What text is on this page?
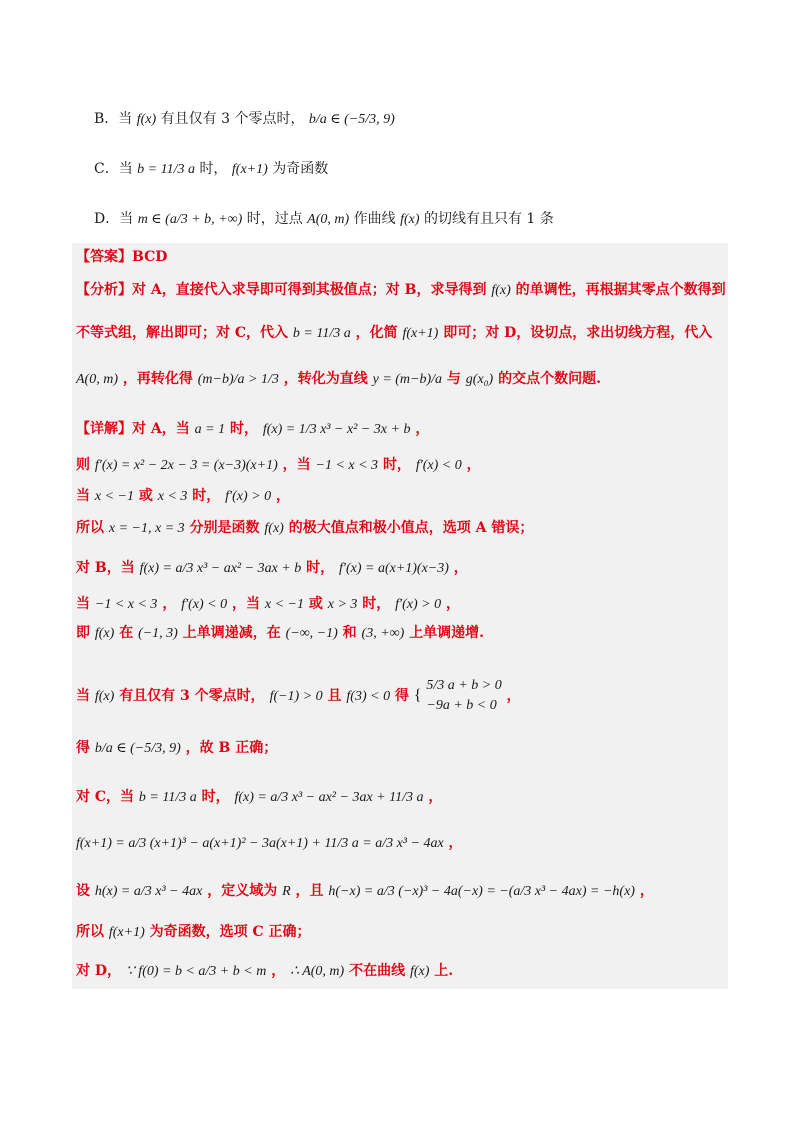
B．当 f(x) 有且仅有 3 个零点时， b/a ∈ (−5/3, 9)
C．当 b = 11/3 a 时， f(x+1) 为奇函数
D．当 m ∈ (a/3 + b, +∞) 时，过点 A(0, m) 作曲线 f(x) 的切线有且只有 1 条
【答案】BCD
【分析】对 A，直接代入求导即可得到其极值点；对 B，求导得到 f(x) 的单调性，再根据其零点个数得到
不等式组，解出即可；对 C，代入 b = 11/3 a ，化简 f(x+1) 即可；对 D，设切点，求出切线方程，代入
A(0, m) ，再转化得 (m−b)/a > 1/3 ，转化为直线 y = (m−b)/a 与 g(x₀) 的交点个数问题.
【详解】对 A，当 a = 1 时， f(x) = 1/3 x³ − x² − 3x + b ，
则 f′(x) = x² − 2x − 3 = (x−3)(x+1) ，当 −1 < x < 3 时， f′(x) < 0 ，
当 x < −1 或 x < 3 时， f′(x) > 0 ，
所以 x = −1, x = 3 分别是函数 f(x) 的极大值点和极小值点，选项 A 错误；
对 B，当 f(x) = a/3 x³ − ax² − 3ax + b 时， f′(x) = a(x+1)(x−3) ，
当 −1 < x < 3 ， f′(x) < 0 ，当 x < −1 或 x > 3 时， f′(x) > 0 ，
即 f(x) 在 (−1, 3) 上单调递减，在 (−∞, −1) 和 (3, +∞) 上单调递增.
当 f(x) 有且仅有 3 个零点时， f(−1) > 0 且 f(3) < 0 得 {
5/3 a + b > 0
−9a + b < 0
，
得 b/a ∈ (−5/3, 9) ，故 B 正确；
对 C，当 b = 11/3 a 时， f(x) = a/3 x³ − ax² − 3ax + 11/3 a ，
f(x+1) = a/3 (x+1)³ − a(x+1)² − 3a(x+1) + 11/3 a = a/3 x³ − 4ax ，
设 h(x) = a/3 x³ − 4ax ，定义域为 R ，且 h(−x) = a/3 (−x)³ − 4a(−x) = −(a/3 x³ − 4ax) = −h(x) ，
所以 f(x+1) 为奇函数，选项 C 正确；
对 D， ∵ f(0) = b < a/3 + b < m ， ∴ A(0, m) 不在曲线 f(x) 上.
